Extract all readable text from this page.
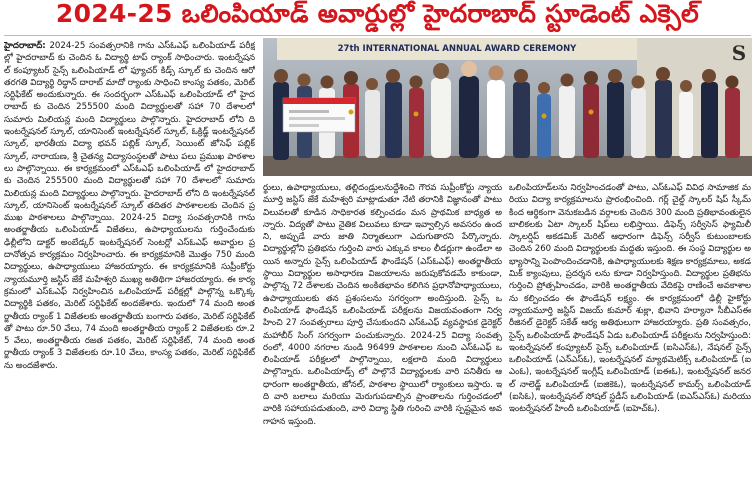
2024-25 ఒలింపియాడ్ అవార్డుల్లో హైదరాబాద్ స్టూడెంట్ ఎక్సెల్

హైదరాబాద్: 2024-25 సంవత్సరానికి గాను ఎస్‌ఓఎఫ్ ఒలింపియాడ్ పరీక్షల్లో హైదరాబాద్ కు చెందిన ఓ విద్యార్థి టాప్ ర్యాంక్ సాధించారు. ఇంటర్నేషనల్ కంప్యూటర్ సైన్స్ ఒలింపియాడ్ లో ఫ్యూచర్ కిడ్స్ స్కూల్ కు చెందిన ఆరో తరగతి విద్యార్థి రిద్ధాన్ దారాబ్ మాదో ర్యాంకు సాధించి కాంస్య పతకం, మెరిట్ సర్టిఫికేట్ అందుకున్నారు. ఈ సందర్భంగా ఎస్‌ఓఎఫ్ ఒలింపియాడ్ లో హైదరాబాద్ కు చెందిన 255500 మంది విద్యార్థులతో సహా 70 దేశాలలో సుమారు మిలియన్ల మంది విద్యార్థులు పాల్గొన్నారు. హైదరాబాద్ లోని ది ఇంటర్నేషనల్ స్కూల్, యానిసెంట్ ఇంటర్నేషనల్ స్కూల్, ఓక్రిడ్జ్ ఇంటర్నేషనల్ స్కూల్, భారతీయ విద్యా భవన్ పబ్లిక్ స్కూల్, సెయింట్ జోసెఫ్ పబ్లిక్ స్కూల్, నారాయణ, శ్రీ చైతన్య విద్యాసంస్థలతో పాటు పలు ప్రముఖ పాఠశాలలు పాల్గొన్నాయి. ఈ కార్యక్రమంలో ఎస్‌ఓఎఫ్ ఒలింపియాడ్ లో హైదరాబాద్ కు చెందిన 255500 మంది విద్యార్థులతో సహా 70 దేశాలలో సుమారు మిలియన్ల మంది విద్యార్థులు పాల్గొన్నారు. హైదరాబాద్ లోని ది ఇంటర్నేషనల్ స్కూల్, యానిసెంట్ ఇంటర్నేషనల్ స్కూల్ తదితర పాఠశాలలకు చెందిన ప్రముఖ పాఠశాలలు పాల్గొన్నాయి. 2024-25 విద్యా సంవత్సరానికి గాను అంతర్జాతీయ ఒలింపియాడ్ విజేతలు, ఉపాధ్యాయులను గుర్తించేందుకు ఢిల్లీలోని డాక్టర్ అంబేడ్కర్ ఇంటర్నేషనల్ సెంటర్లో ఎస్‌ఓఎఫ్ అవార్డుల ప్రదానోత్సవ కార్యక్రమం నిర్వహించారు. ఈ కార్యక్రమానికి మొత్తం 750 మంది విద్యార్థులు, ఉపాధ్యాయులు హాజరయ్యారు. ఈ కార్యక్రమానికి సుప్రీంకోర్టు న్యాయమూర్తి జస్టిస్ జేకే మహేశ్వరి ముఖ్య అతిథిగా హాజరయ్యారు. ఈ కార్యక్రమంలో ఎస్‌ఓఎఫ్ నిర్వహించిన ఒలింపియాడ్ పరీక్షల్లో పాల్గొన్న ఒక్కొక్క విద్యార్థికి పతకం, మెరిట్ సర్టిఫికేట్ అందజేశారు. ఇందులో 74 మంది అంతర్జాతీయ ర్యాంక్ 1 విజేతలకు అంతర్జాతీయ బంగారు పతకం, మెరిట్ సర్టిఫికేట్ తో పాటు రూ.50 వేలు, 74 మంది అంతర్జాతీయ ర్యాంక్ 2 విజేతలకు రూ.25 వేలు, అంతర్జాతీయ రజత పతకం, మెరిట్ సర్టిఫికేట్, 74 మంది అంతర్జాతీయ ర్యాంక్ 3 విజేతలకు రూ.10 వేలు, కాంస్య పతకం, మెరిట్ సర్టిఫికేట్ ను అందజేశారు.

27th INTERNATIONAL ANNUAL AWARD CEREMONY	S

ర్థులు, ఉపాధ్యాయులు, తల్లిదండ్రులనుద్దేశించి గౌరవ సుప్రీంకోర్టు న్యాయమూర్తి జస్టిస్ జేకే మహేశ్వరి మాట్లాడుతూ నేటి తరానికి విజ్ఞానంతో పాటు విలువలతో కూడిన సాధికారత కల్పించడం మన ప్రాథమిక బాధ్యత అన్నారు. విద్యతో పాటు నైతిక విలువలు కూడా ఇవ్వాల్సిన అవసరం ఉందని, అప్పుడే వారు జాతి నిర్మాతలుగా ఎదుగుతారని పేర్కొన్నారు. విద్యార్థుల్లోని ప్రతిభను గుర్తించి వారు ఎక్కువ కాలం లీడర్లుగా ఉండేలా అయిన అన్నారు సైన్స్ ఒలింపియాడ్ ఫౌండేషన్ (ఎస్‌ఓఎఫ్) అంతర్జాతీయ స్థాయి విద్యార్థుల అసాధారణ విజయాలను జరుపుకోవడమే కాకుండా, పాల్గొన్న 72 దేశాలకు చెందిన అంకితభావం కలిగిన ప్రధానోపాధ్యాయులు, ఉపాధ్యాయులకు తన ప్రశంసలను సగర్వంగా అందిస్తుంది. సైన్స్ ఒలింపియాడ్ ఫౌండేషన్ ఒలింపియాడ్ పరీక్షలను విజయవంతంగా నిర్వహించి 27 సంవత్సరాలు పూర్తి చేసుకుందని ఎస్‌ఓఎఫ్ వ్యవస్థాపక డైరెక్టర్ మహాబీర్ సింగ్ సగర్వంగా పంచుకున్నారు. 2024-25 విద్యా సంవత్సరంలో, 4000 నగరాల నుండి 96499 పాఠశాలల నుంచి ఎస్‌ఓఎఫ్ ఒలింపియాడ్ పరీక్షలలో పాల్గొన్నాయి, లక్షలాది మంది విద్యార్థులు పాల్గొన్నారు. ఒలింపియాడ్స్ లో పాల్గొనే విద్యార్థులకు వారి పనితీరు ఆధారంగా అంతర్జాతీయ, జోనల్, పాఠశాల స్థాయిలో ర్యాంకులు ఇస్తారు. ఇది వారి బలాలు మరియు మెరుగుపడాల్సిన ప్రాంతాలను గుర్తించడంలో వారికి సహాయపడుతుంది, వారి విద్యా స్థితి గురించి వారికి స్పష్టమైన అవగాహన ఇస్తుంది.

ఒలింపియాడ్‌లను నిర్వహించడంతో పాటు, ఎస్‌ఓఎఫ్ వివిధ సామాజిక మరియు విద్యా కార్యక్రమాలను ప్రారంభించింది. గర్ల్ చైల్డ్ స్కాలర్ షిప్ స్కీమ్ కింద ఆర్థికంగా వెనుకబడిన వర్గాలకు చెందిన 300 మంది ప్రతిభావంతులైన బాలికలకు ఏటా స్కాలర్ షిప్‌లు లభిస్తాయి. డిఫెన్స్ సర్వీసెస్ ఫ్యామిలీ స్కాలర్షిప్ అకడమిక్ మెరిట్ ఆధారంగా డిఫెన్స్ సర్వీస్ కుటుంబాలకు చెందిన 260 మంది విద్యార్థులకు మద్దతు ఇస్తుంది. ఈ సంస్థ విద్యార్థుల అభ్యాసాన్ని పెంపొందించడానికి, ఉపాధ్యాయులకు శిక్షణ కార్యక్రమాలు, అకడమిక్ క్యాంపులు, ప్రదర్శన లను కూడా నిర్వహిస్తుంది. విద్యార్థుల ప్రతిభను గుర్తించి ప్రోత్సహించడం, వారికి అంతర్జాతీయ వేదికపై రాణించే అవకాశాలను కల్పించడం ఈ ఫౌండేషన్ లక్ష్యం. ఈ కార్యక్రమంలో ఢిల్లీ హైకోర్టు న్యాయమూర్తి జస్టిస్ విజయ్ కుమార్ శుక్లా, భివాని హర్యానా సీబీఎస్‌ఈ రీజినల్ డైరెక్టర్ సకేత్ ఆర్య అతిథులుగా హాజరయ్యారు. ప్రతి సంవత్సరం, సైన్స్ ఒలింపియాడ్ ఫౌండేషన్ ఏడు ఒలింపియాడ్ పరీక్షలను నిర్వహిస్తుంది: ఇంటర్నేషనల్ కంప్యూటర్ సైన్స్ ఒలింపియాడ్ (ఐసిఎస్‌ఓ), నేషనల్ సైన్స్ ఒలింపియాడ్ (ఎన్‌ఎస్‌ఓ), ఇంటర్నేషనల్ మ్యాథమెటిక్స్ ఒలింపియాడ్ (ఐఎంఓ), ఇంటర్నేషనల్ ఇంగ్లీష్ ఒలింపియాడ్ (ఐఈఓ), ఇంటర్నేషనల్ జనరల్ నాలెడ్జ్ ఒలింపియాడ్ (ఐజికెఓ), ఇంటర్నేషనల్ కామర్స్ ఒలింపియాడ్ (ఐసిఓ), ఇంటర్నేషనల్ సోషల్ స్టడీస్ ఒలింపియాడ్ (ఐఎస్‌ఎస్‌ఓ) మరియు ఇంటర్నేషనల్ హిందీ ఒలింపియాడ్ (ఐహెచ్‌ఓ).
